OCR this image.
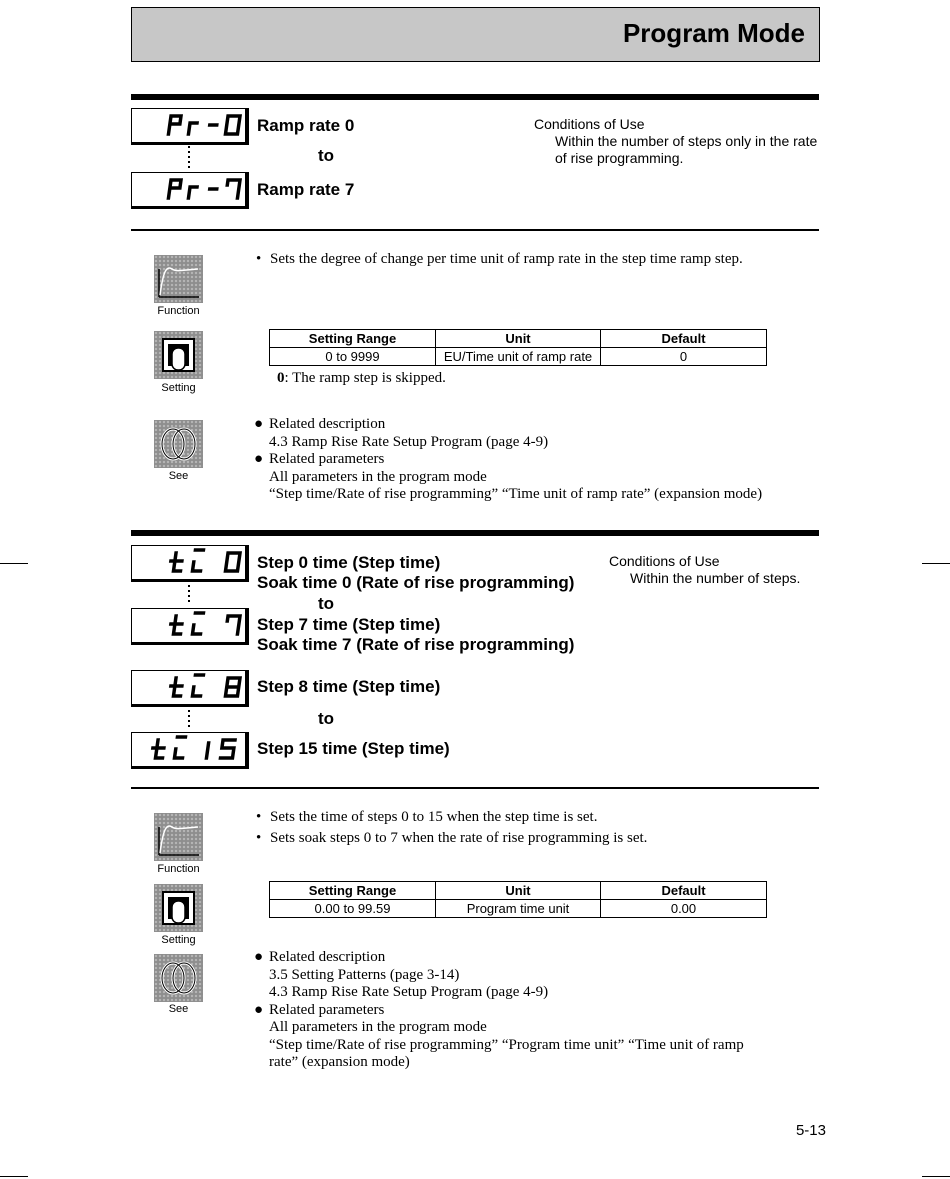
Program Mode
Ramp rate 0
to
Ramp rate 7
Conditions of Use
Within the number of steps only in the rate
of rise programming.
Function
• Sets the degree of change per time unit of ramp rate in the step time ramp step.
Setting
Setting Range	Unit	Default
0 to 9999	EU/Time unit of ramp rate	0
0: The ramp step is skipped.
See
● Related description
4.3 Ramp Rise Rate Setup Program (page 4-9)
● Related parameters
All parameters in the program mode
“Step time/Rate of rise programming” “Time unit of ramp rate” (expansion mode)
Step 0 time (Step time)
Soak time 0 (Rate of rise programming)
to
Step 7 time (Step time)
Soak time 7 (Rate of rise programming)
Step 8 time (Step time)
to
Step 15 time (Step time)
Conditions of Use
Within the number of steps.
Function
• Sets the time of steps 0 to 15 when the step time is set.
• Sets soak steps 0 to 7 when the rate of rise programming is set.
Setting
Setting Range	Unit	Default
0.00 to 99.59	Program time unit	0.00
See
● Related description
3.5 Setting Patterns (page 3-14)
4.3 Ramp Rise Rate Setup Program (page 4-9)
● Related parameters
All parameters in the program mode
“Step time/Rate of rise programming” “Program time unit” “Time unit of ramp
rate” (expansion mode)
5-13
